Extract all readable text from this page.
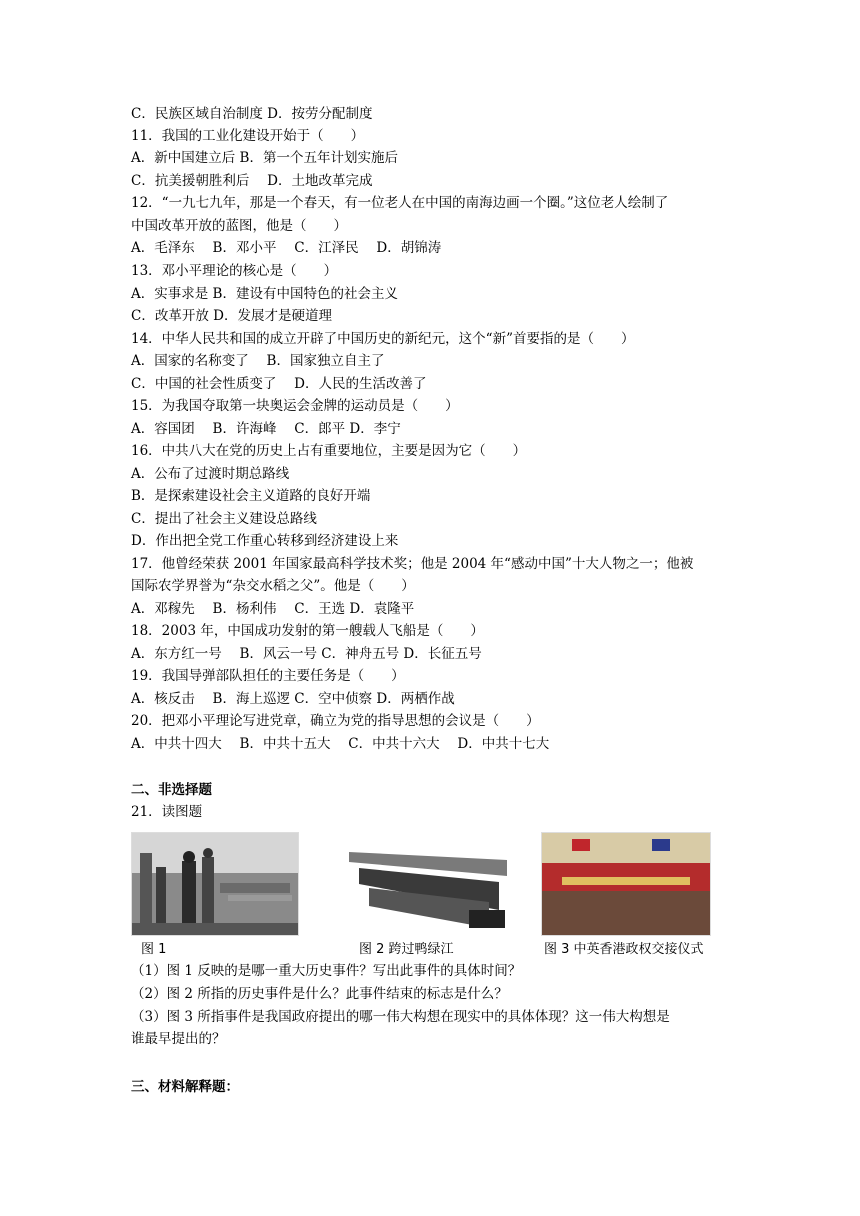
C．民族区域自治制度 D．按劳分配制度
11．我国的工业化建设开始于（　　）
A．新中国建立后 B．第一个五年计划实施后
C．抗美援朝胜利后　 D．土地改革完成
12．“一九七九年，那是一个春天，有一位老人在中国的南海边画一个圈。”这位老人绘制了
中国改革开放的蓝图，他是（　　）
A．毛泽东　 B．邓小平　 C．江泽民　 D．胡锦涛
13．邓小平理论的核心是（　　）
A．实事求是 B．建设有中国特色的社会主义
C．改革开放 D．发展才是硬道理
14．中华人民共和国的成立开辟了中国历史的新纪元，这个“新”首要指的是（　　）
A．国家的名称变了　 B．国家独立自主了
C．中国的社会性质变了　 D．人民的生活改善了
15．为我国夺取第一块奥运会金牌的运动员是（　　）
A．容国团　 B．许海峰　 C．郎平 D．李宁
16．中共八大在党的历史上占有重要地位，主要是因为它（　　）
A．公布了过渡时期总路线
B．是探索建设社会主义道路的良好开端
C．提出了社会主义建设总路线
D．作出把全党工作重心转移到经济建设上来
17．他曾经荣获 2001 年国家最高科学技术奖；他是 2004 年“感动中国”十大人物之一；他被
国际农学界誉为“杂交水稻之父”。他是（　　）
A．邓稼先　 B．杨利伟　 C．王选 D．袁隆平
18．2003 年，中国成功发射的第一艘载人飞船是（　　）
A．东方红一号　 B．风云一号 C．神舟五号 D．长征五号
19．我国导弹部队担任的主要任务是（　　）
A．核反击　 B．海上巡逻 C．空中侦察 D．两栖作战
20．把邓小平理论写进党章，确立为党的指导思想的会议是（　　）
A．中共十四大　 B．中共十五大　 C．中共十六大　 D．中共十七大
二、非选择题
21．读图题
图 1	图 2 跨过鸭绿江	图 3 中英香港政权交接仪式
（1）图 1 反映的是哪一重大历史事件？写出此事件的具体时间？
（2）图 2 所指的历史事件是什么？此事件结束的标志是什么？
（3）图 3 所指事件是我国政府提出的哪一伟大构想在现实中的具体体现？这一伟大构想是
谁最早提出的？
三、材料解释题：
